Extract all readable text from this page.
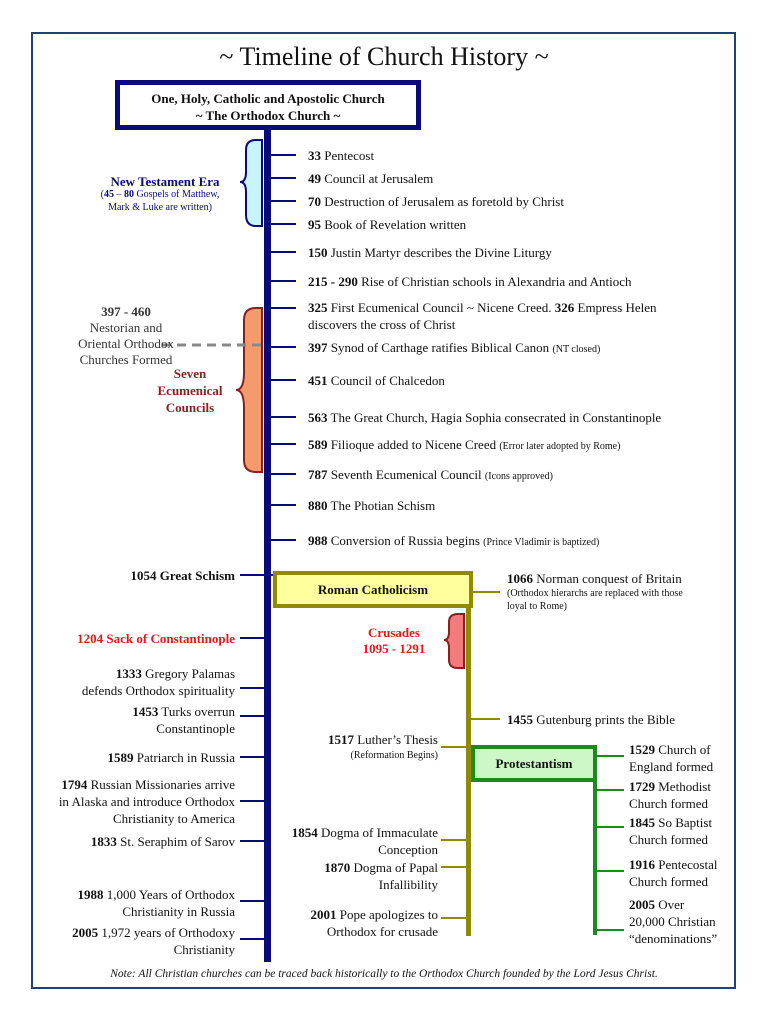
~ Timeline of Church History ~
One, Holy, Catholic and Apostolic Church
~ The Orthodox Church ~
New Testament Era
(45 – 80 Gospels of Matthew,
Mark & Luke are written)
397 - 460
Nestorian and
Oriental Orthodox
Churches Formed
Seven
Ecumenical
Councils
33 Pentecost
49 Council at Jerusalem
70 Destruction of Jerusalem as foretold by Christ
95 Book of Revelation written
150 Justin Martyr describes the Divine Liturgy
215 - 290 Rise of Christian schools in Alexandria and Antioch
325 First Ecumenical Council ~ Nicene Creed. 326 Empress Helen
discovers the cross of Christ
397 Synod of Carthage ratifies Biblical Canon (NT closed)
451 Council of Chalcedon
563 The Great Church, Hagia Sophia consecrated in Constantinople
589 Filioque added to Nicene Creed (Error later adopted by Rome)
787 Seventh Ecumenical Council (Icons approved)
880 The Photian Schism
988 Conversion of Russia begins (Prince Vladimir is baptized)
1054 Great Schism
1204 Sack of Constantinople
1333 Gregory Palamas
defends Orthodox spirituality
1453 Turks overrun
Constantinople
1589 Patriarch in Russia
1794 Russian Missionaries arrive
in Alaska and introduce Orthodox
Christianity to America
1833 St. Seraphim of Sarov
1988 1,000 Years of Orthodox
Christianity in Russia
2005 1,972 years of Orthodoxy
Christianity
Roman Catholicism
1066 Norman conquest of Britain
(Orthodox hierarchs are replaced with those
loyal to Rome)
Crusades
1095 - 1291
1455 Gutenburg prints the Bible
1517 Luther’s Thesis
(Reformation Begins)
1854 Dogma of Immaculate
Conception
1870 Dogma of Papal
Infallibility
2001 Pope apologizes to
Orthodox for crusade
Protestantism
1529 Church of
England formed
1729 Methodist
Church formed
1845 So Baptist
Church formed
1916 Pentecostal
Church formed
2005 Over
20,000 Christian
“denominations”
Note: All Christian churches can be traced back historically to the Orthodox Church founded by the Lord Jesus Christ.
